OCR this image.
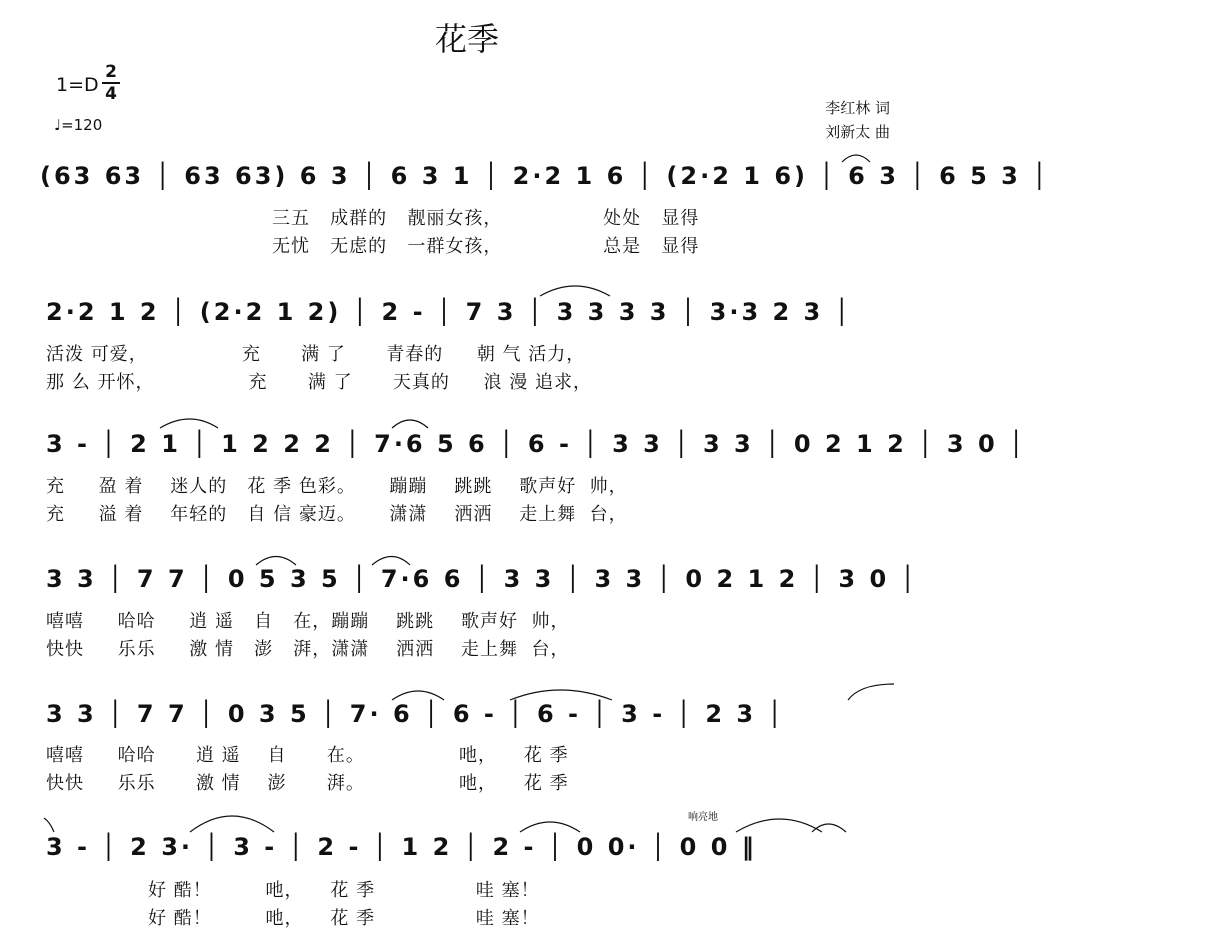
花季
$1=D \frac{2}{4}$
♩=120
李红林 词
刘新太 曲
(63 63 │ 63 63) 6 3 │ 6 3 1 │ 2·2 1 6 │ (2·2 1 6) │ 6 3 │ 6 5 3 │
三五   成群的   靓丽女孩，               处处   显得
无忧   无虑的   一群女孩，               总是   显得
2·2 1 2 │ (2·2 1 2) │ 2 - │ 7 3 │ 3 3 3 3 │ 3·3 2 3 │
活泼 可爱，              充      满 了      青春的     朝 气 活力，
那 么 开怀，              充      满 了      天真的     浪 漫 追求，
3 - │ 2 1 │ 1 2 2 2 │ 7·6 5 6 │ 6 - │ 3 3 │ 3 3 │ 0 2 1 2 │ 3 0 │
充     盈 着    迷人的   花 季 色彩。     蹦蹦    跳跳    歌声好  帅，
充     溢 着    年轻的   自 信 豪迈。     潇潇    洒洒    走上舞  台，
3 3 │ 7 7 │ 0 5 3 5 │ 7·6 6 │ 3 3 │ 3 3 │ 0 2 1 2 │ 3 0 │
嘻嘻     哈哈     逍 遥   自   在，蹦蹦    跳跳    歌声好  帅，
快快     乐乐     激 情   澎   湃，潇潇    洒洒    走上舞  台，
3 3 │ 7 7 │ 0 3 5 │ 7· 6 │ 6 - │ 6 - │ 3 - │ 2 3 │
嘻嘻     哈哈      逍 遥    自      在。              吔，    花 季
快快     乐乐      激 情    澎      湃。              吔，    花 季
响亮地
3 - │ 2 3· │ 3 - │ 2 - │ 1 2 │ 2 - │ 0 0· │ 0 0 ‖
好 酷！        吔，    花 季               哇 塞！
好 酷！        吔，    花 季               哇 塞！
